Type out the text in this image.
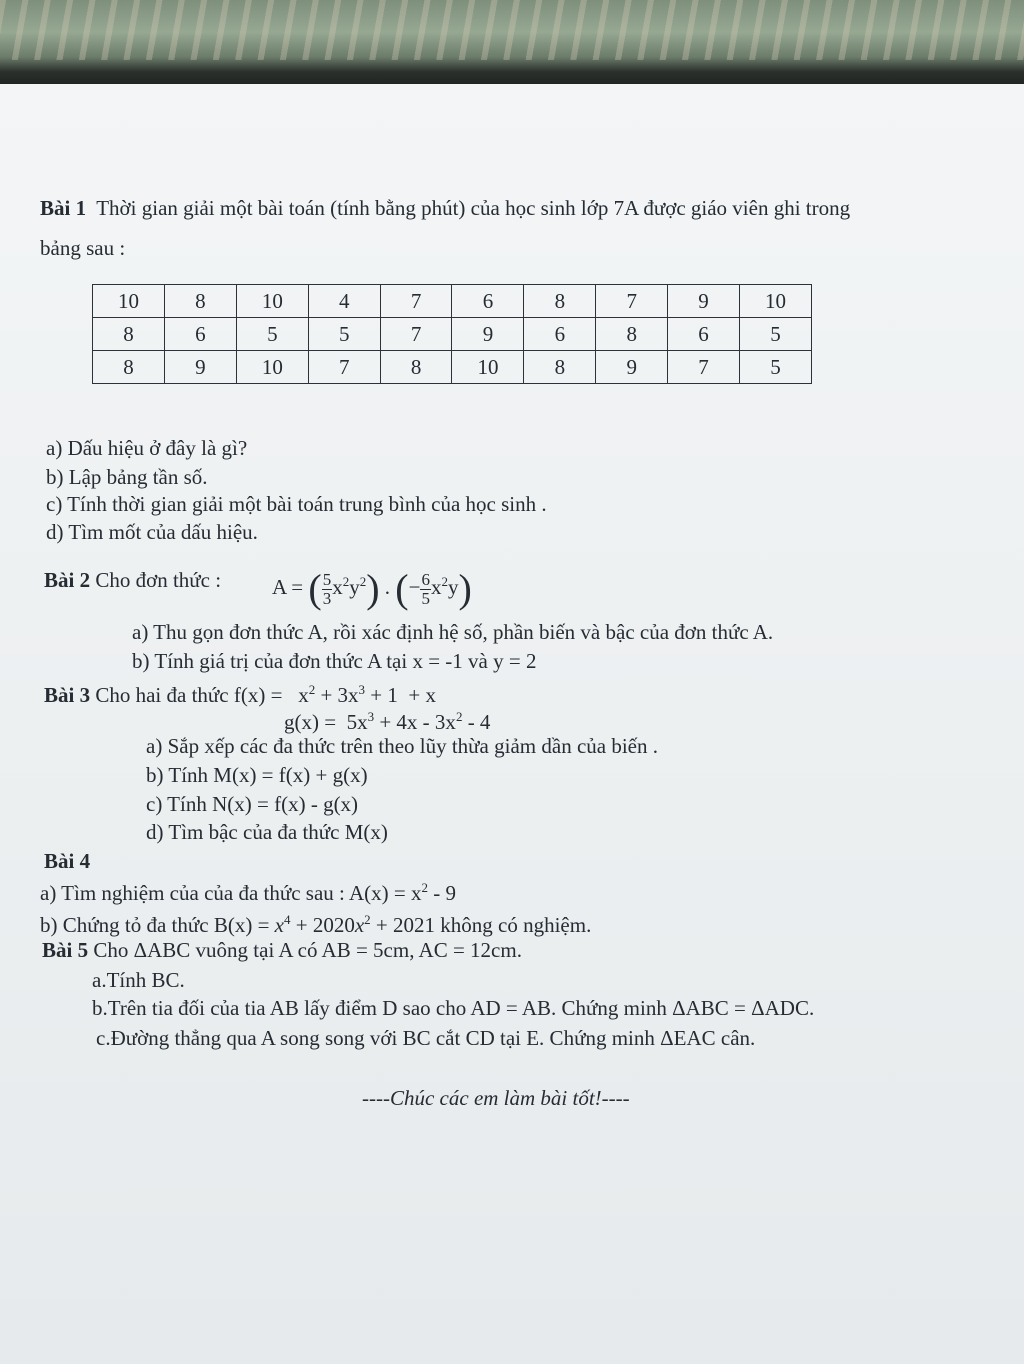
Bài 1 Thời gian giải một bài toán (tính bằng phút) của học sinh lớp 7A được giáo viên ghi trong
bảng sau :
10	8	10	4	7	6	8	7	9	10
8	6	5	5	7	9	6	8	6	5
8	9	10	7	8	10	8	9	7	5
a) Dấu hiệu ở đây là gì?
b) Lập bảng tần số.
c) Tính thời gian giải một bài toán trung bình của học sinh .
d) Tìm mốt của dấu hiệu.
Bài 2 Cho đơn thức : A = ( $\frac{5}{3} x^2y^2$) . (− $\frac{6}{5} x^2y$)
a) Thu gọn đơn thức A, rồi xác định hệ số, phần biến và bậc của đơn thức A.
b) Tính giá trị của đơn thức A tại x = -1 và y = 2
Bài 3 Cho hai đa thức $f(x) = x^2 + 3x^3 + 1 + x$
$g(x) = 5x^3 + 4x - 3x^2 - 4$
a) Sắp xếp các đa thức trên theo lũy thừa giảm dần của biến .
b) Tính M(x) = f(x) + g(x)
c) Tính N(x) = f(x) - g(x)
d) Tìm bậc của đa thức M(x)
Bài 4
a) Tìm nghiệm của của đa thức sau : $A(x) = x^2 - 9$
b) Chứng tỏ đa thức $B(x) = x^4 + 2020x^2 + 2021$ không có nghiệm.
Bài 5 Cho ΔABC vuông tại A có AB = 5cm, AC = 12cm.
a.Tính BC.
b.Trên tia đối của tia AB lấy điểm D sao cho AD = AB. Chứng minh ΔABC = ΔADC.
c.Đường thẳng qua A song song với BC cắt CD tại E. Chứng minh ΔEAC cân.
----Chúc các em làm bài tốt!----
